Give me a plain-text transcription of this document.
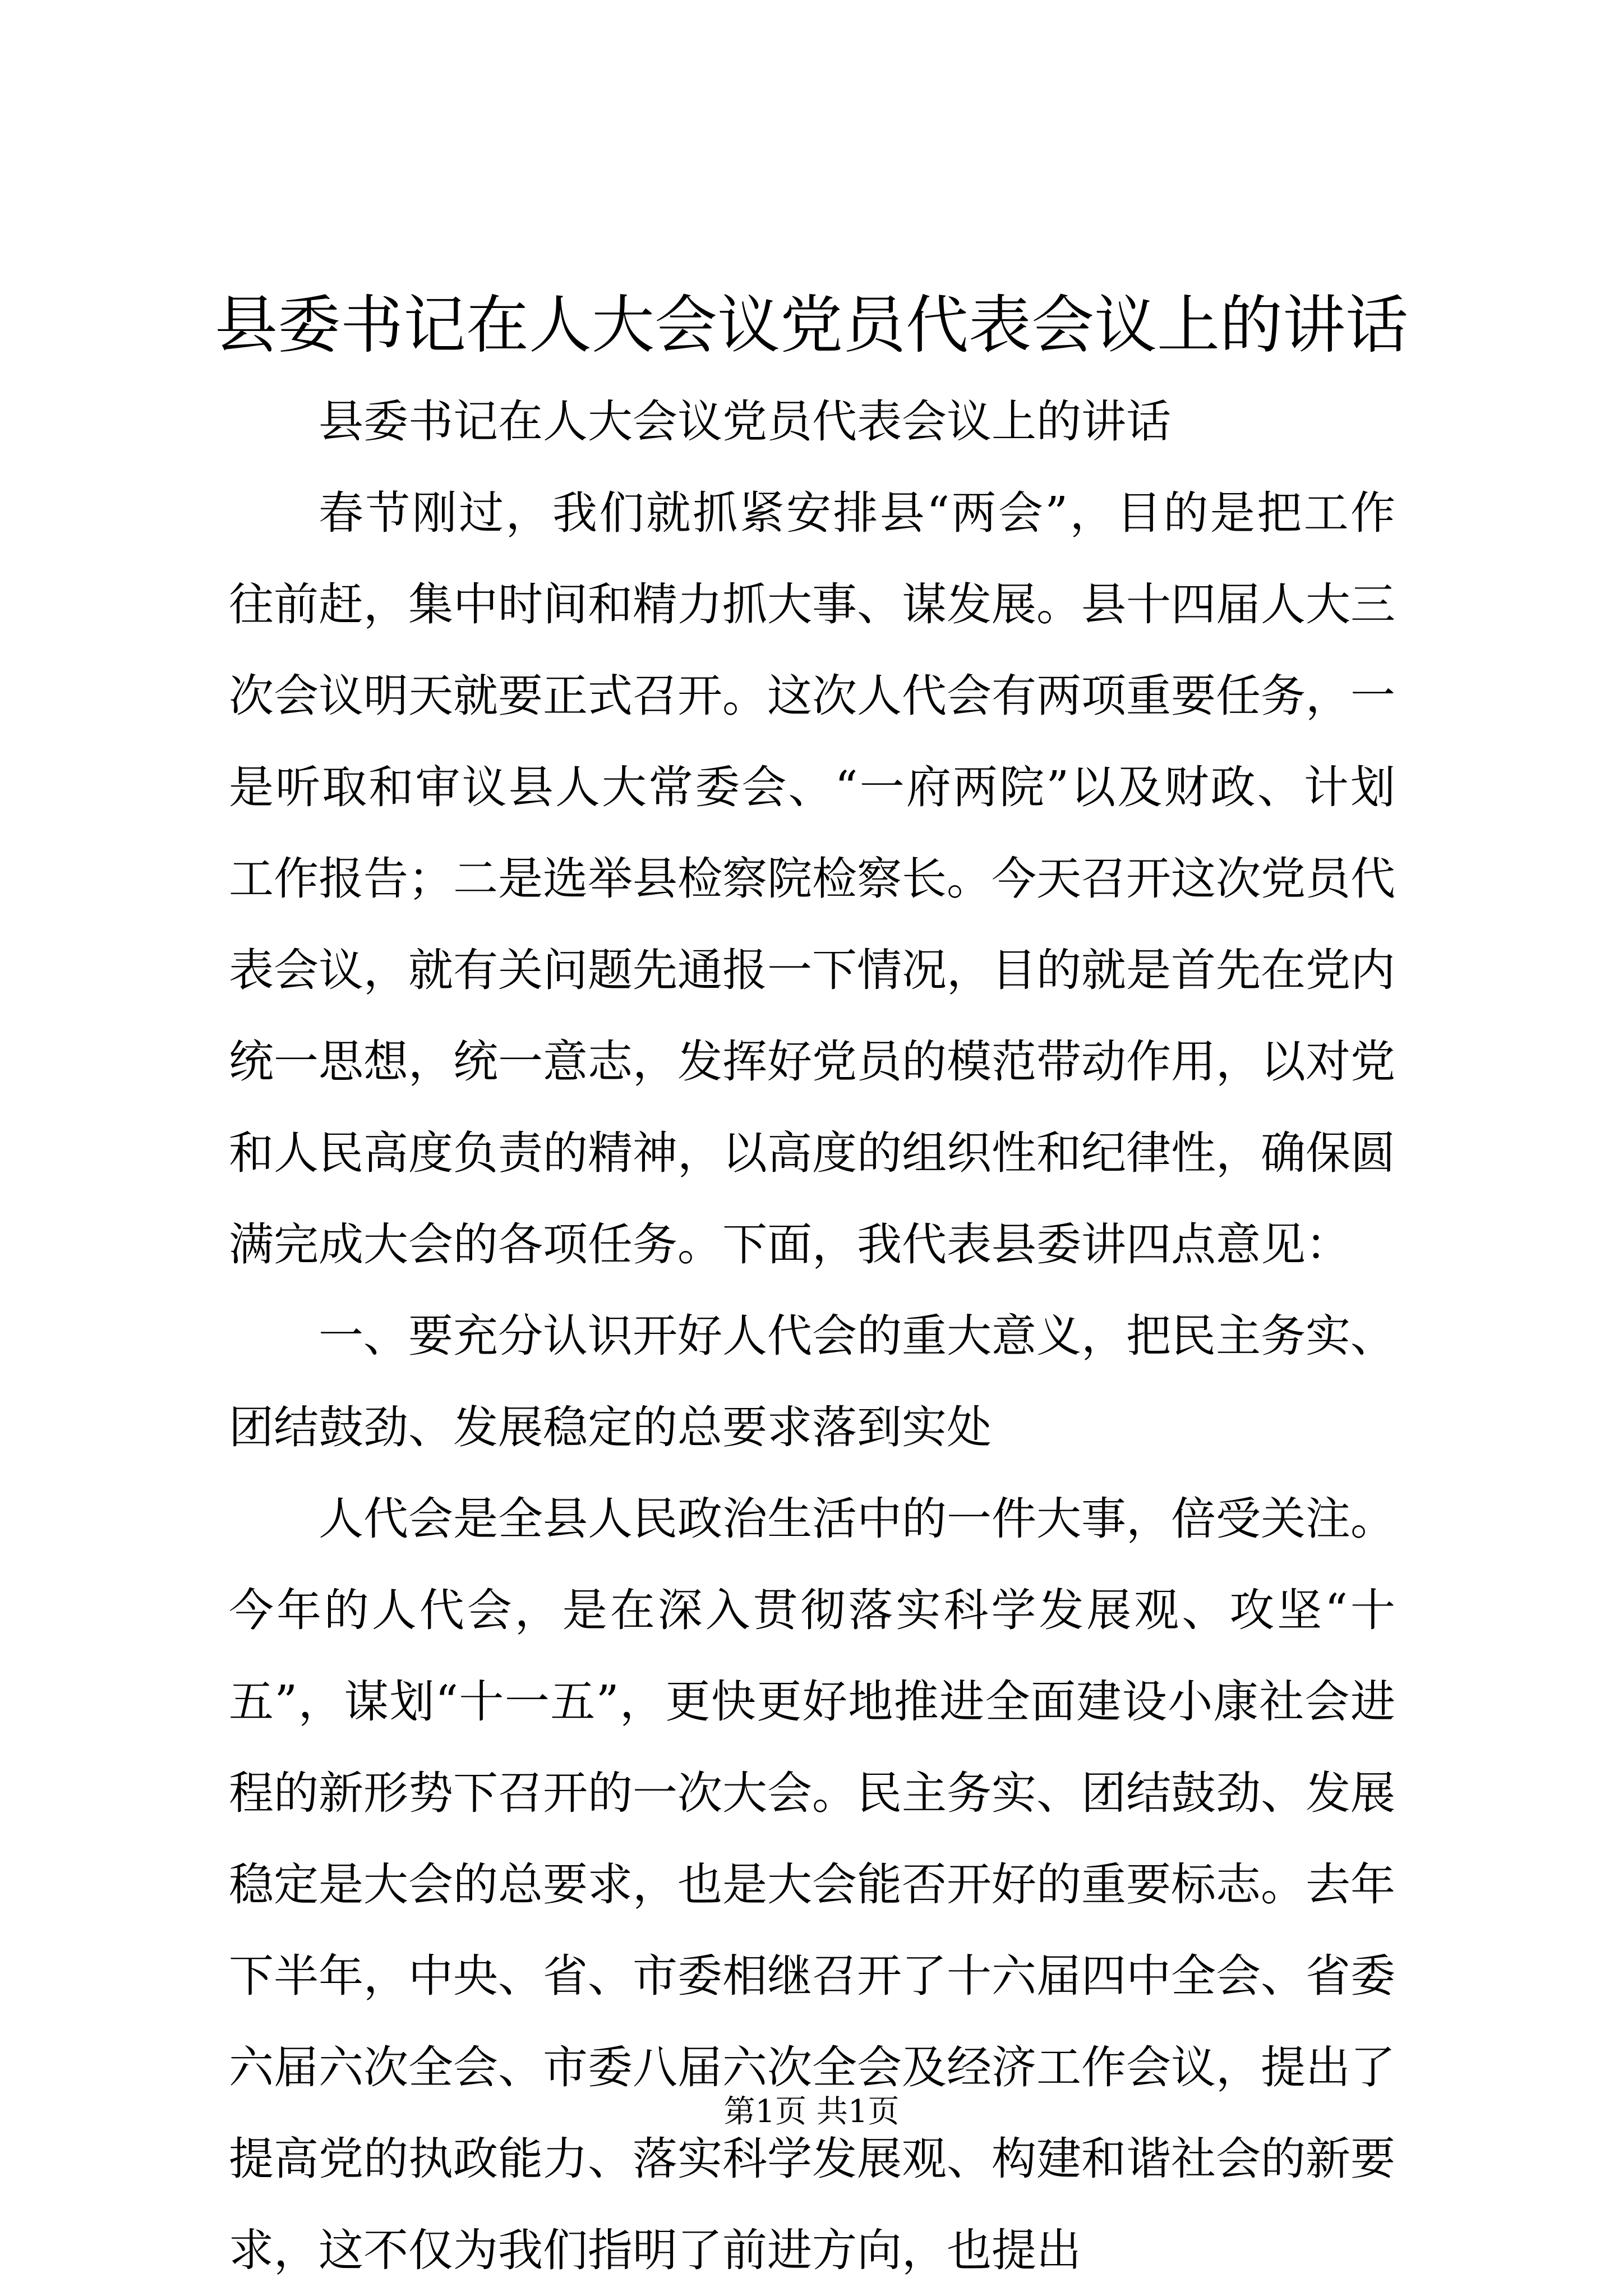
县委书记在人大会议党员代表会议上的讲话

县委书记在人大会议党员代表会议上的讲话

春节刚过，我们就抓紧安排县“两会”，目的是把工作往前赶，集中时间和精力抓大事、谋发展。县十四届人大三次会议明天就要正式召开。这次人代会有两项重要任务，一是听取和审议县人大常委会、“一府两院”以及财政、计划工作报告；二是选举县检察院检察长。今天召开这次党员代表会议，就有关问题先通报一下情况，目的就是首先在党内统一思想，统一意志，发挥好党员的模范带动作用，以对党和人民高度负责的精神，以高度的组织性和纪律性，确保圆满完成大会的各项任务。下面，我代表县委讲四点意见：

一、要充分认识开好人代会的重大意义，把民主务实、团结鼓劲、发展稳定的总要求落到实处

人代会是全县人民政治生活中的一件大事，倍受关注。今年的人代会，是在深入贯彻落实科学发展观、攻坚“十五”，谋划“十一五”，更快更好地推进全面建设小康社会进程的新形势下召开的一次大会。民主务实、团结鼓劲、发展稳定是大会的总要求，也是大会能否开好的重要标志。去年下半年，中央、省、市委相继召开了十六届四中全会、省委六届六次全会、市委八届六次全会及经济工作会议，提出了提高党的执政能力、落实科学发展观、构建和谐社会的新要求，这不仅为我们指明了前进方向，也提出

第1页 共1页
